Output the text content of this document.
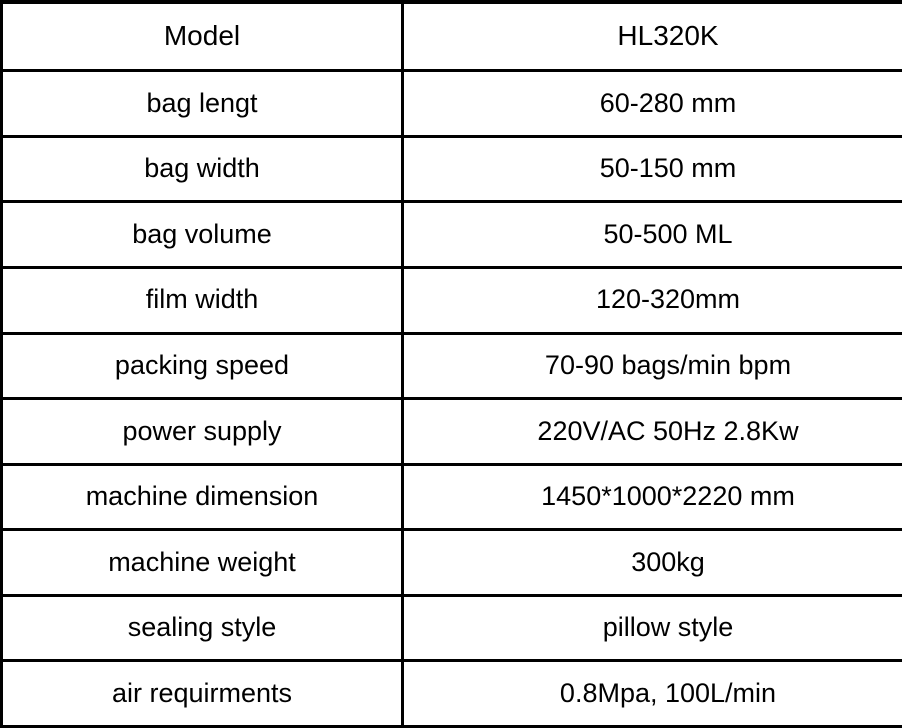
Model	HL320K
bag lengt	60-280 mm
bag width	50-150 mm
bag volume	50-500 ML
film width	120-320mm
packing speed	70-90 bags/min bpm
power supply	220V/AC 50Hz 2.8Kw
machine dimension	1450*1000*2220 mm
machine weight	300kg
sealing style	pillow style
air requirments	0.8Mpa, 100L/min
